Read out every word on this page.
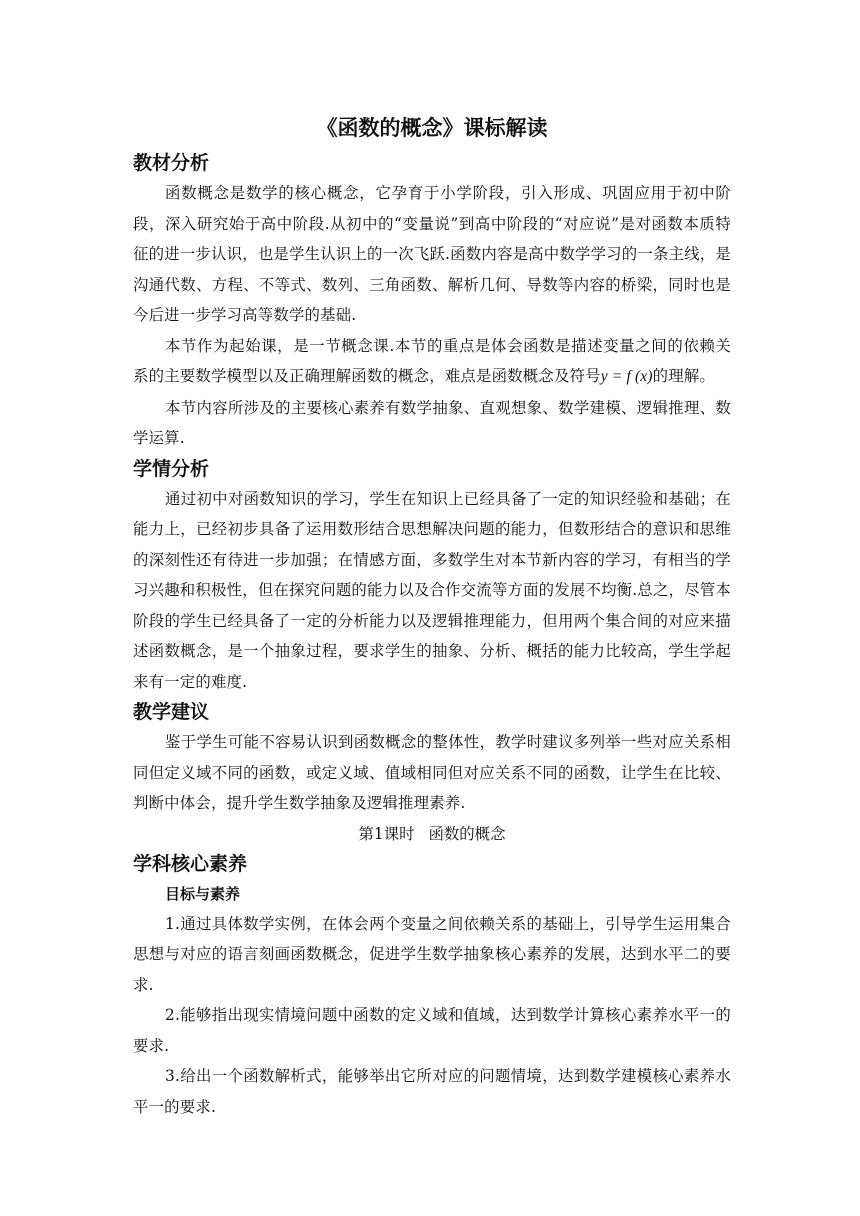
《函数的概念》课标解读
教材分析

函数概念是数学的核心概念，它孕育于小学阶段，引入形成、巩固应用于初中阶段，深入研究始于高中阶段.从初中的“变量说”到高中阶段的“对应说”是对函数本质特征的进一步认识，也是学生认识上的一次飞跃.函数内容是高中数学学习的一条主线，是沟通代数、方程、不等式、数列、三角函数、解析几何、导数等内容的桥梁，同时也是今后进一步学习高等数学的基础.

本节作为起始课，是一节概念课.本节的重点是体会函数是描述变量之间的依赖关系的主要数学模型以及正确理解函数的概念，难点是函数概念及符号y = f (x)的理解。

本节内容所涉及的主要核心素养有数学抽象、直观想象、数学建模、逻辑推理、数学运算.

学情分析

通过初中对函数知识的学习，学生在知识上已经具备了一定的知识经验和基础；在能力上，已经初步具备了运用数形结合思想解决问题的能力，但数形结合的意识和思维的深刻性还有待进一步加强；在情感方面，多数学生对本节新内容的学习，有相当的学习兴趣和积极性，但在探究问题的能力以及合作交流等方面的发展不均衡.总之，尽管本阶段的学生已经具备了一定的分析能力以及逻辑推理能力，但用两个集合间的对应来描述函数概念，是一个抽象过程，要求学生的抽象、分析、概括的能力比较高，学生学起来有一定的难度.

教学建议

鉴于学生可能不容易认识到函数概念的整体性，教学时建议多列举一些对应关系相同但定义域不同的函数，或定义域、值域相同但对应关系不同的函数，让学生在比较、判断中体会，提升学生数学抽象及逻辑推理素养.

第1课时 函数的概念

学科核心素养
目标与素养

1.通过具体数学实例，在体会两个变量之间依赖关系的基础上，引导学生运用集合思想与对应的语言刻画函数概念，促进学生数学抽象核心素养的发展，达到水平二的要求.

2.能够指出现实情境问题中函数的定义域和值域，达到数学计算核心素养水平一的要求.

3.给出一个函数解析式，能够举出它所对应的问题情境，达到数学建模核心素养水平一的要求.
